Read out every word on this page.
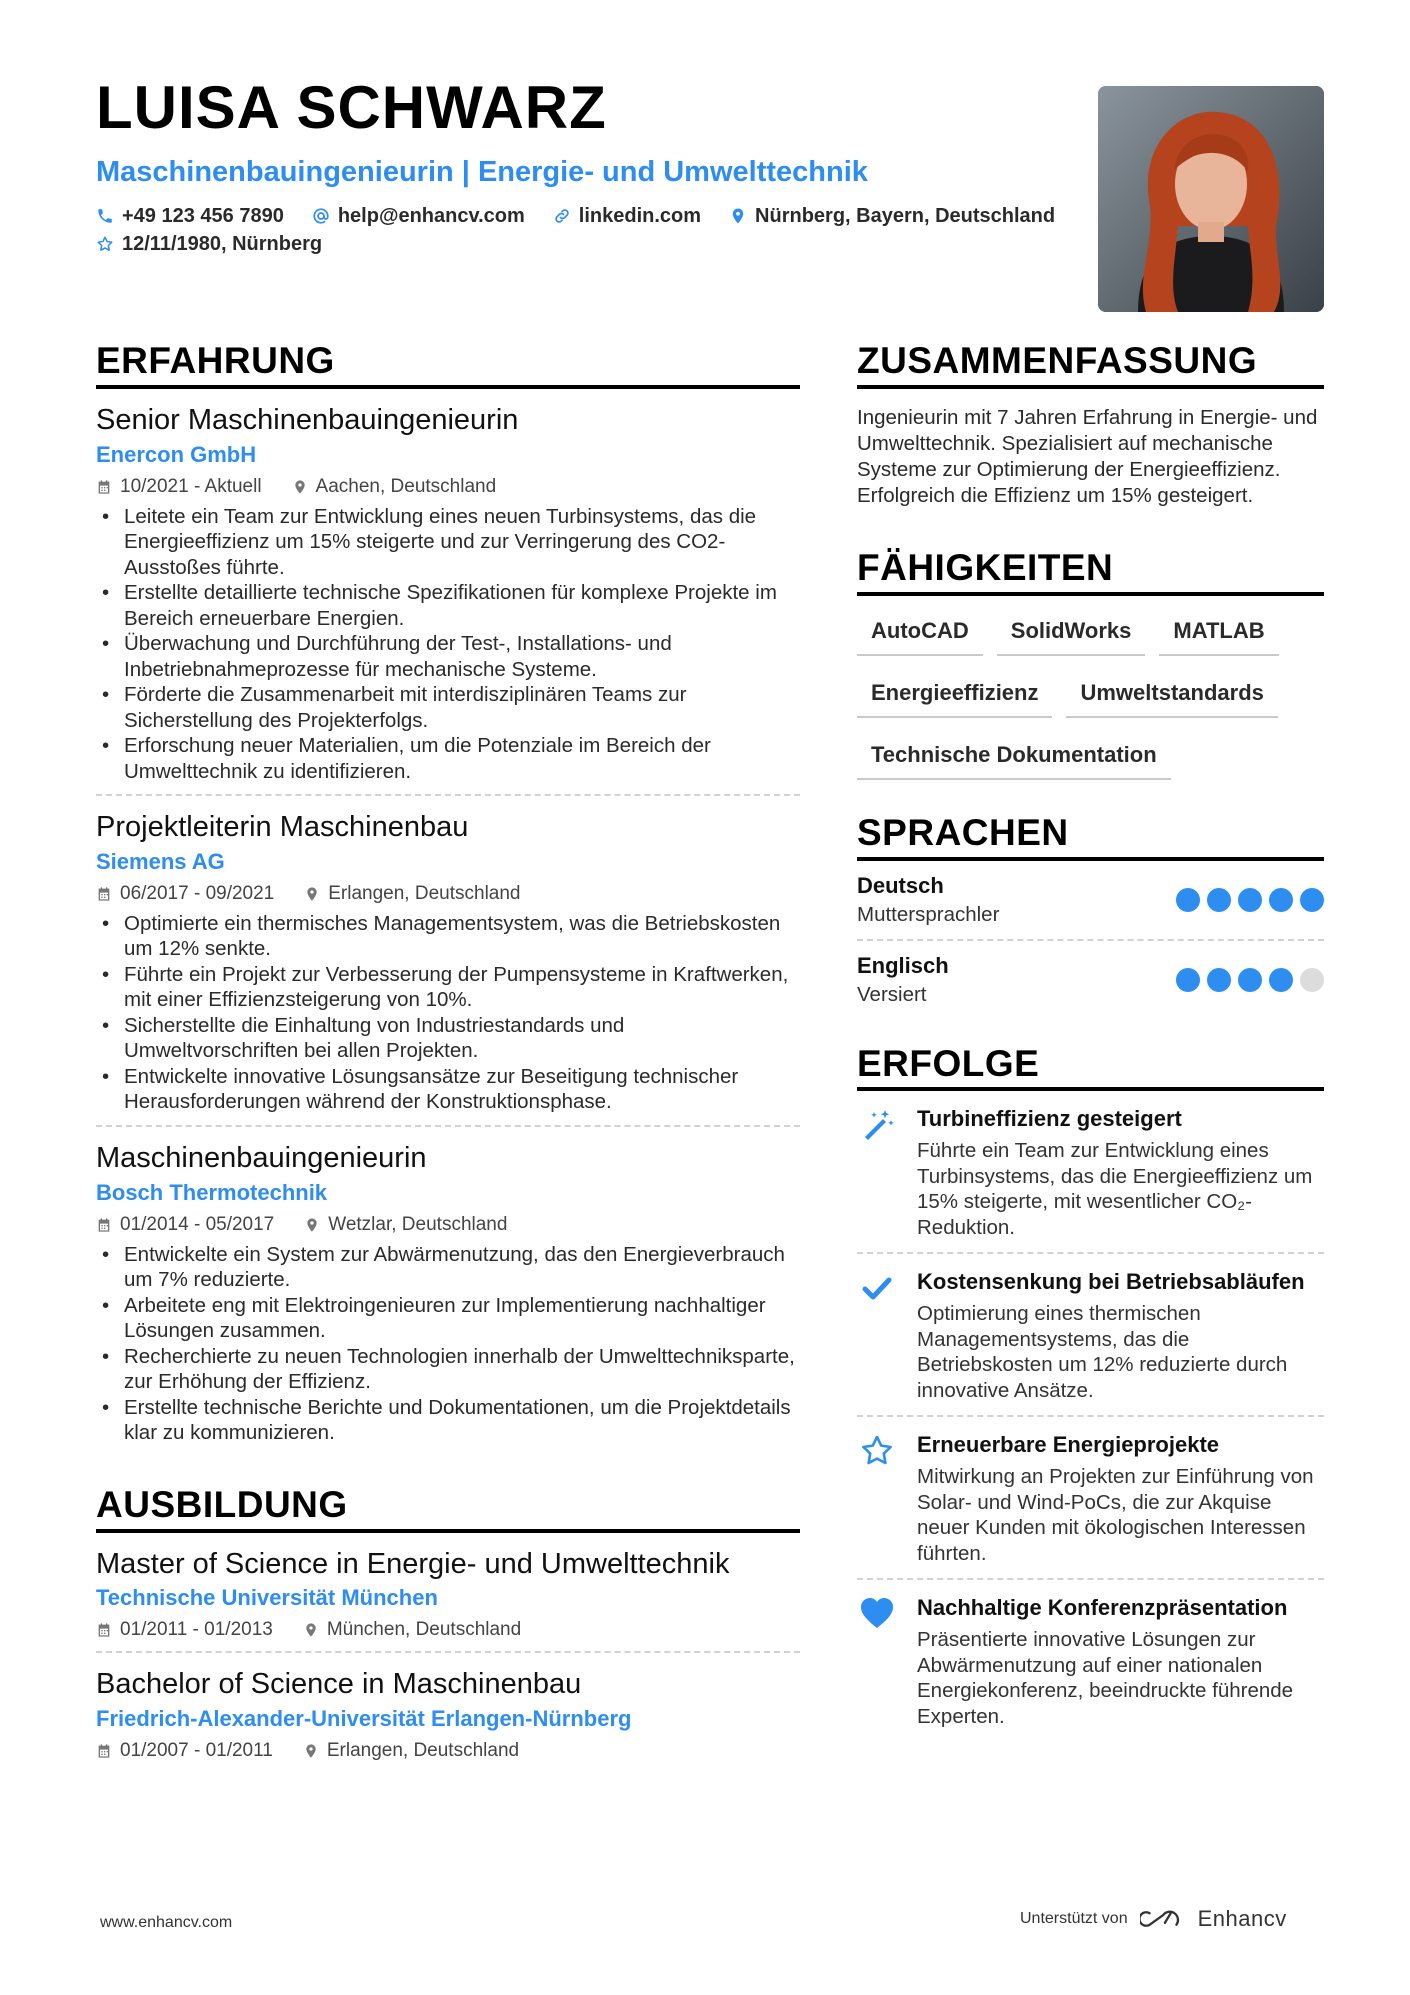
LUISA SCHWARZ
Maschinenbauingenieurin | Energie- und Umwelttechnik
+49 123 456 7890	help@enhancv.com	linkedin.com	Nürnberg, Bayern, Deutschland
12/11/1980, Nürnberg
ERFAHRUNG
Senior Maschinenbauingenieurin
Enercon GmbH
10/2021 - Aktuell	Aachen, Deutschland
• Leitete ein Team zur Entwicklung eines neuen Turbinsystems, das die Energieeffizienz um 15% steigerte und zur Verringerung des CO2-Ausstoßes führte.
• Erstellte detaillierte technische Spezifikationen für komplexe Projekte im Bereich erneuerbare Energien.
• Überwachung und Durchführung der Test-, Installations- und Inbetriebnahmeprozesse für mechanische Systeme.
• Förderte die Zusammenarbeit mit interdisziplinären Teams zur Sicherstellung des Projekterfolgs.
• Erforschung neuer Materialien, um die Potenziale im Bereich der Umwelttechnik zu identifizieren.
Projektleiterin Maschinenbau
Siemens AG
06/2017 - 09/2021	Erlangen, Deutschland
• Optimierte ein thermisches Managementsystem, was die Betriebskosten um 12% senkte.
• Führte ein Projekt zur Verbesserung der Pumpensysteme in Kraftwerken, mit einer Effizienzsteigerung von 10%.
• Sicherstellte die Einhaltung von Industriestandards und Umweltvorschriften bei allen Projekten.
• Entwickelte innovative Lösungsansätze zur Beseitigung technischer Herausforderungen während der Konstruktionsphase.
Maschinenbauingenieurin
Bosch Thermotechnik
01/2014 - 05/2017	Wetzlar, Deutschland
• Entwickelte ein System zur Abwärmenutzung, das den Energieverbrauch um 7% reduzierte.
• Arbeitete eng mit Elektroingenieuren zur Implementierung nachhaltiger Lösungen zusammen.
• Recherchierte zu neuen Technologien innerhalb der Umwelttechniksparte, zur Erhöhung der Effizienz.
• Erstellte technische Berichte und Dokumentationen, um die Projektdetails klar zu kommunizieren.
AUSBILDUNG
Master of Science in Energie- und Umwelttechnik
Technische Universität München
01/2011 - 01/2013	München, Deutschland
Bachelor of Science in Maschinenbau
Friedrich-Alexander-Universität Erlangen-Nürnberg
01/2007 - 01/2011	Erlangen, Deutschland
ZUSAMMENFASSUNG
Ingenieurin mit 7 Jahren Erfahrung in Energie- und Umwelttechnik. Spezialisiert auf mechanische Systeme zur Optimierung der Energieeffizienz. Erfolgreich die Effizienz um 15% gesteigert.
FÄHIGKEITEN
AutoCAD	SolidWorks	MATLAB
Energieeffizienz	Umweltstandards
Technische Dokumentation
SPRACHEN
Deutsch
Muttersprachler
Englisch
Versiert
ERFOLGE
Turbineffizienz gesteigert
Führte ein Team zur Entwicklung eines Turbinsystems, das die Energieeffizienz um 15% steigerte, mit wesentlicher CO₂-Reduktion.
Kostensenkung bei Betriebsabläufen
Optimierung eines thermischen Managementsystems, das die Betriebskosten um 12% reduzierte durch innovative Ansätze.
Erneuerbare Energieprojekte
Mitwirkung an Projekten zur Einführung von Solar- und Wind-PoCs, die zur Akquise neuer Kunden mit ökologischen Interessen führten.
Nachhaltige Konferenzpräsentation
Präsentierte innovative Lösungen zur Abwärmenutzung auf einer nationalen Energiekonferenz, beeindruckte führende Experten.
www.enhancv.com	Unterstützt von	Enhancv
